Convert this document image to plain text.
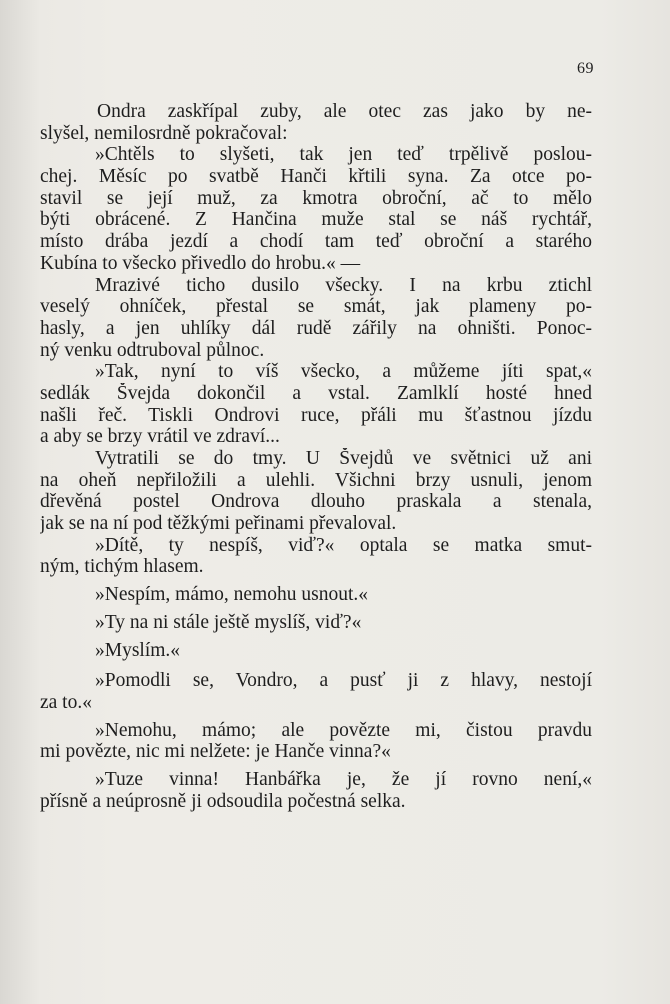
69
Ondra zaskřípal zuby, ale otec zas jako by ne-
slyšel, nemilosrdně pokračoval:
»Chtěls to slyšeti, tak jen teď trpělivě poslou-
chej. Měsíc po svatbě Hanči křtili syna. Za otce po-
stavil se její muž, za kmotra obroční, ač to mělo
býti obrácené. Z Hančina muže stal se náš rychtář,
místo drába jezdí a chodí tam teď obroční a starého
Kubína to všecko přivedlo do hrobu.« —
Mrazivé ticho dusilo všecky. I na krbu ztichl
veselý ohníček, přestal se smát, jak plameny po-
hasly, a jen uhlíky dál rudě zářily na ohništi. Ponoc-
ný venku odtruboval půlnoc.
»Tak, nyní to víš všecko, a můžeme jíti spat,«
sedlák Švejda dokončil a vstal. Zamlklí hosté hned
našli řeč. Tiskli Ondrovi ruce, přáli mu šťastnou jízdu
a aby se brzy vrátil ve zdraví...
Vytratili se do tmy. U Švejdů ve světnici už ani
na oheň nepřiložili a ulehli. Všichni brzy usnuli, jenom
dřevěná postel Ondrova dlouho praskala a stenala,
jak se na ní pod těžkými peřinami převaloval.
»Dítě, ty nespíš, viď?« optala se matka smut-
ným, tichým hlasem.
»Nespím, mámo, nemohu usnout.«
»Ty na ni stále ještě myslíš, viď?«
»Myslím.«
»Pomodli se, Vondro, a pusť ji z hlavy, nestojí
za to.«
»Nemohu, mámo; ale povězte mi, čistou pravdu
mi povězte, nic mi nelžete: je Hanče vinna?«
»Tuze vinna! Hanbářka je, že jí rovno není,«
přísně a neúprosně ji odsoudila počestná selka.
